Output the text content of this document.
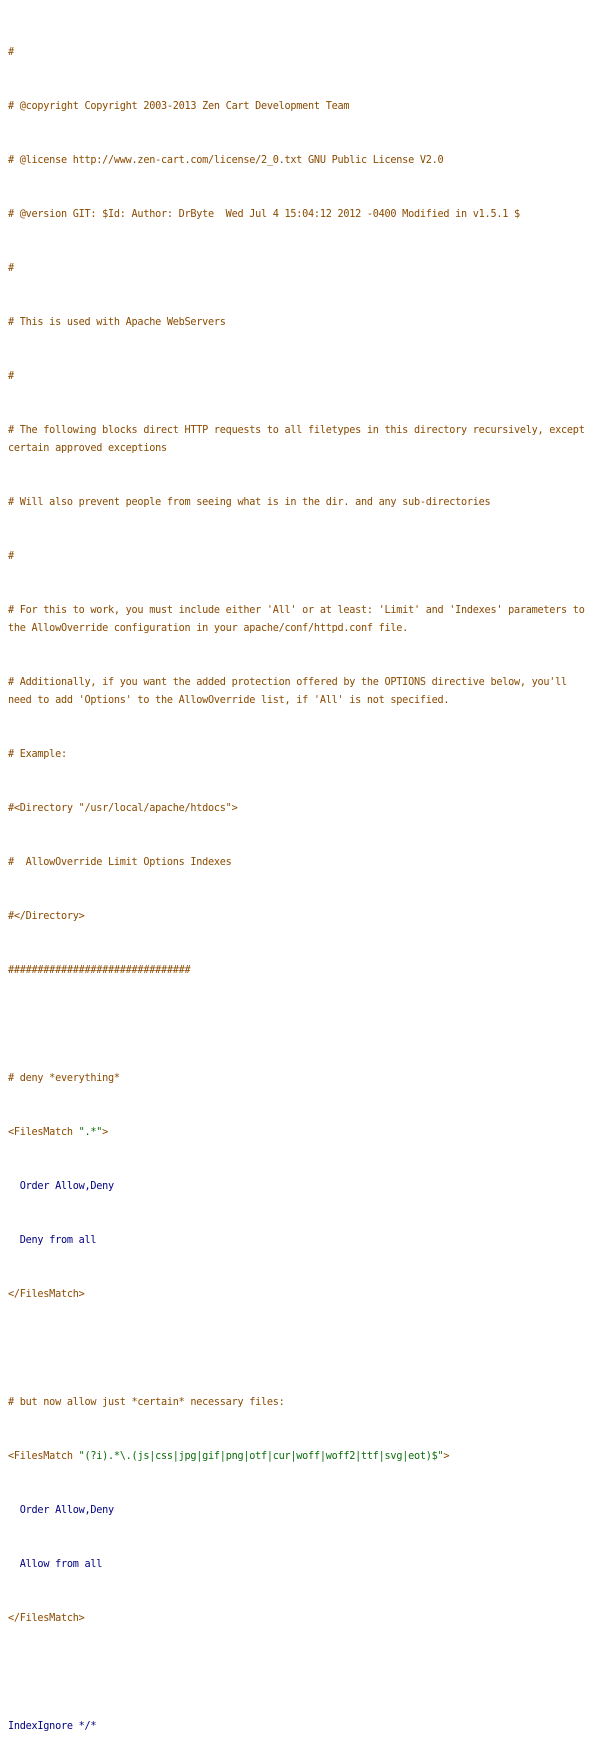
#

# @copyright Copyright 2003-2013 Zen Cart Development Team

# @license http://www.zen-cart.com/license/2_0.txt GNU Public License V2.0

# @version GIT: $Id: Author: DrByte  Wed Jul 4 15:04:12 2012 -0400 Modified in v1.5.1 $

#

# This is used with Apache WebServers

#

# The following blocks direct HTTP requests to all filetypes in this directory recursively, except certain approved exceptions

# Will also prevent people from seeing what is in the dir. and any sub-directories

#

# For this to work, you must include either 'All' or at least: 'Limit' and 'Indexes' parameters to the AllowOverride configuration in your apache/conf/httpd.conf file.

# Additionally, if you want the added protection offered by the OPTIONS directive below, you'll need to add 'Options' to the AllowOverride list, if 'All' is not specified.

# Example:

#<Directory "/usr/local/apache/htdocs">

#  AllowOverride Limit Options Indexes

#</Directory>

###############################

# deny *everything*

<FilesMatch ".*">

Order Allow,Deny

Deny from all

</FilesMatch>

# but now allow just *certain* necessary files:

<FilesMatch "(?i).*\.(js|css|jpg|gif|png|otf|cur|woff|woff2|ttf|svg|eot)$">

Order Allow,Deny

Allow from all

</FilesMatch>

IndexIgnore */*
